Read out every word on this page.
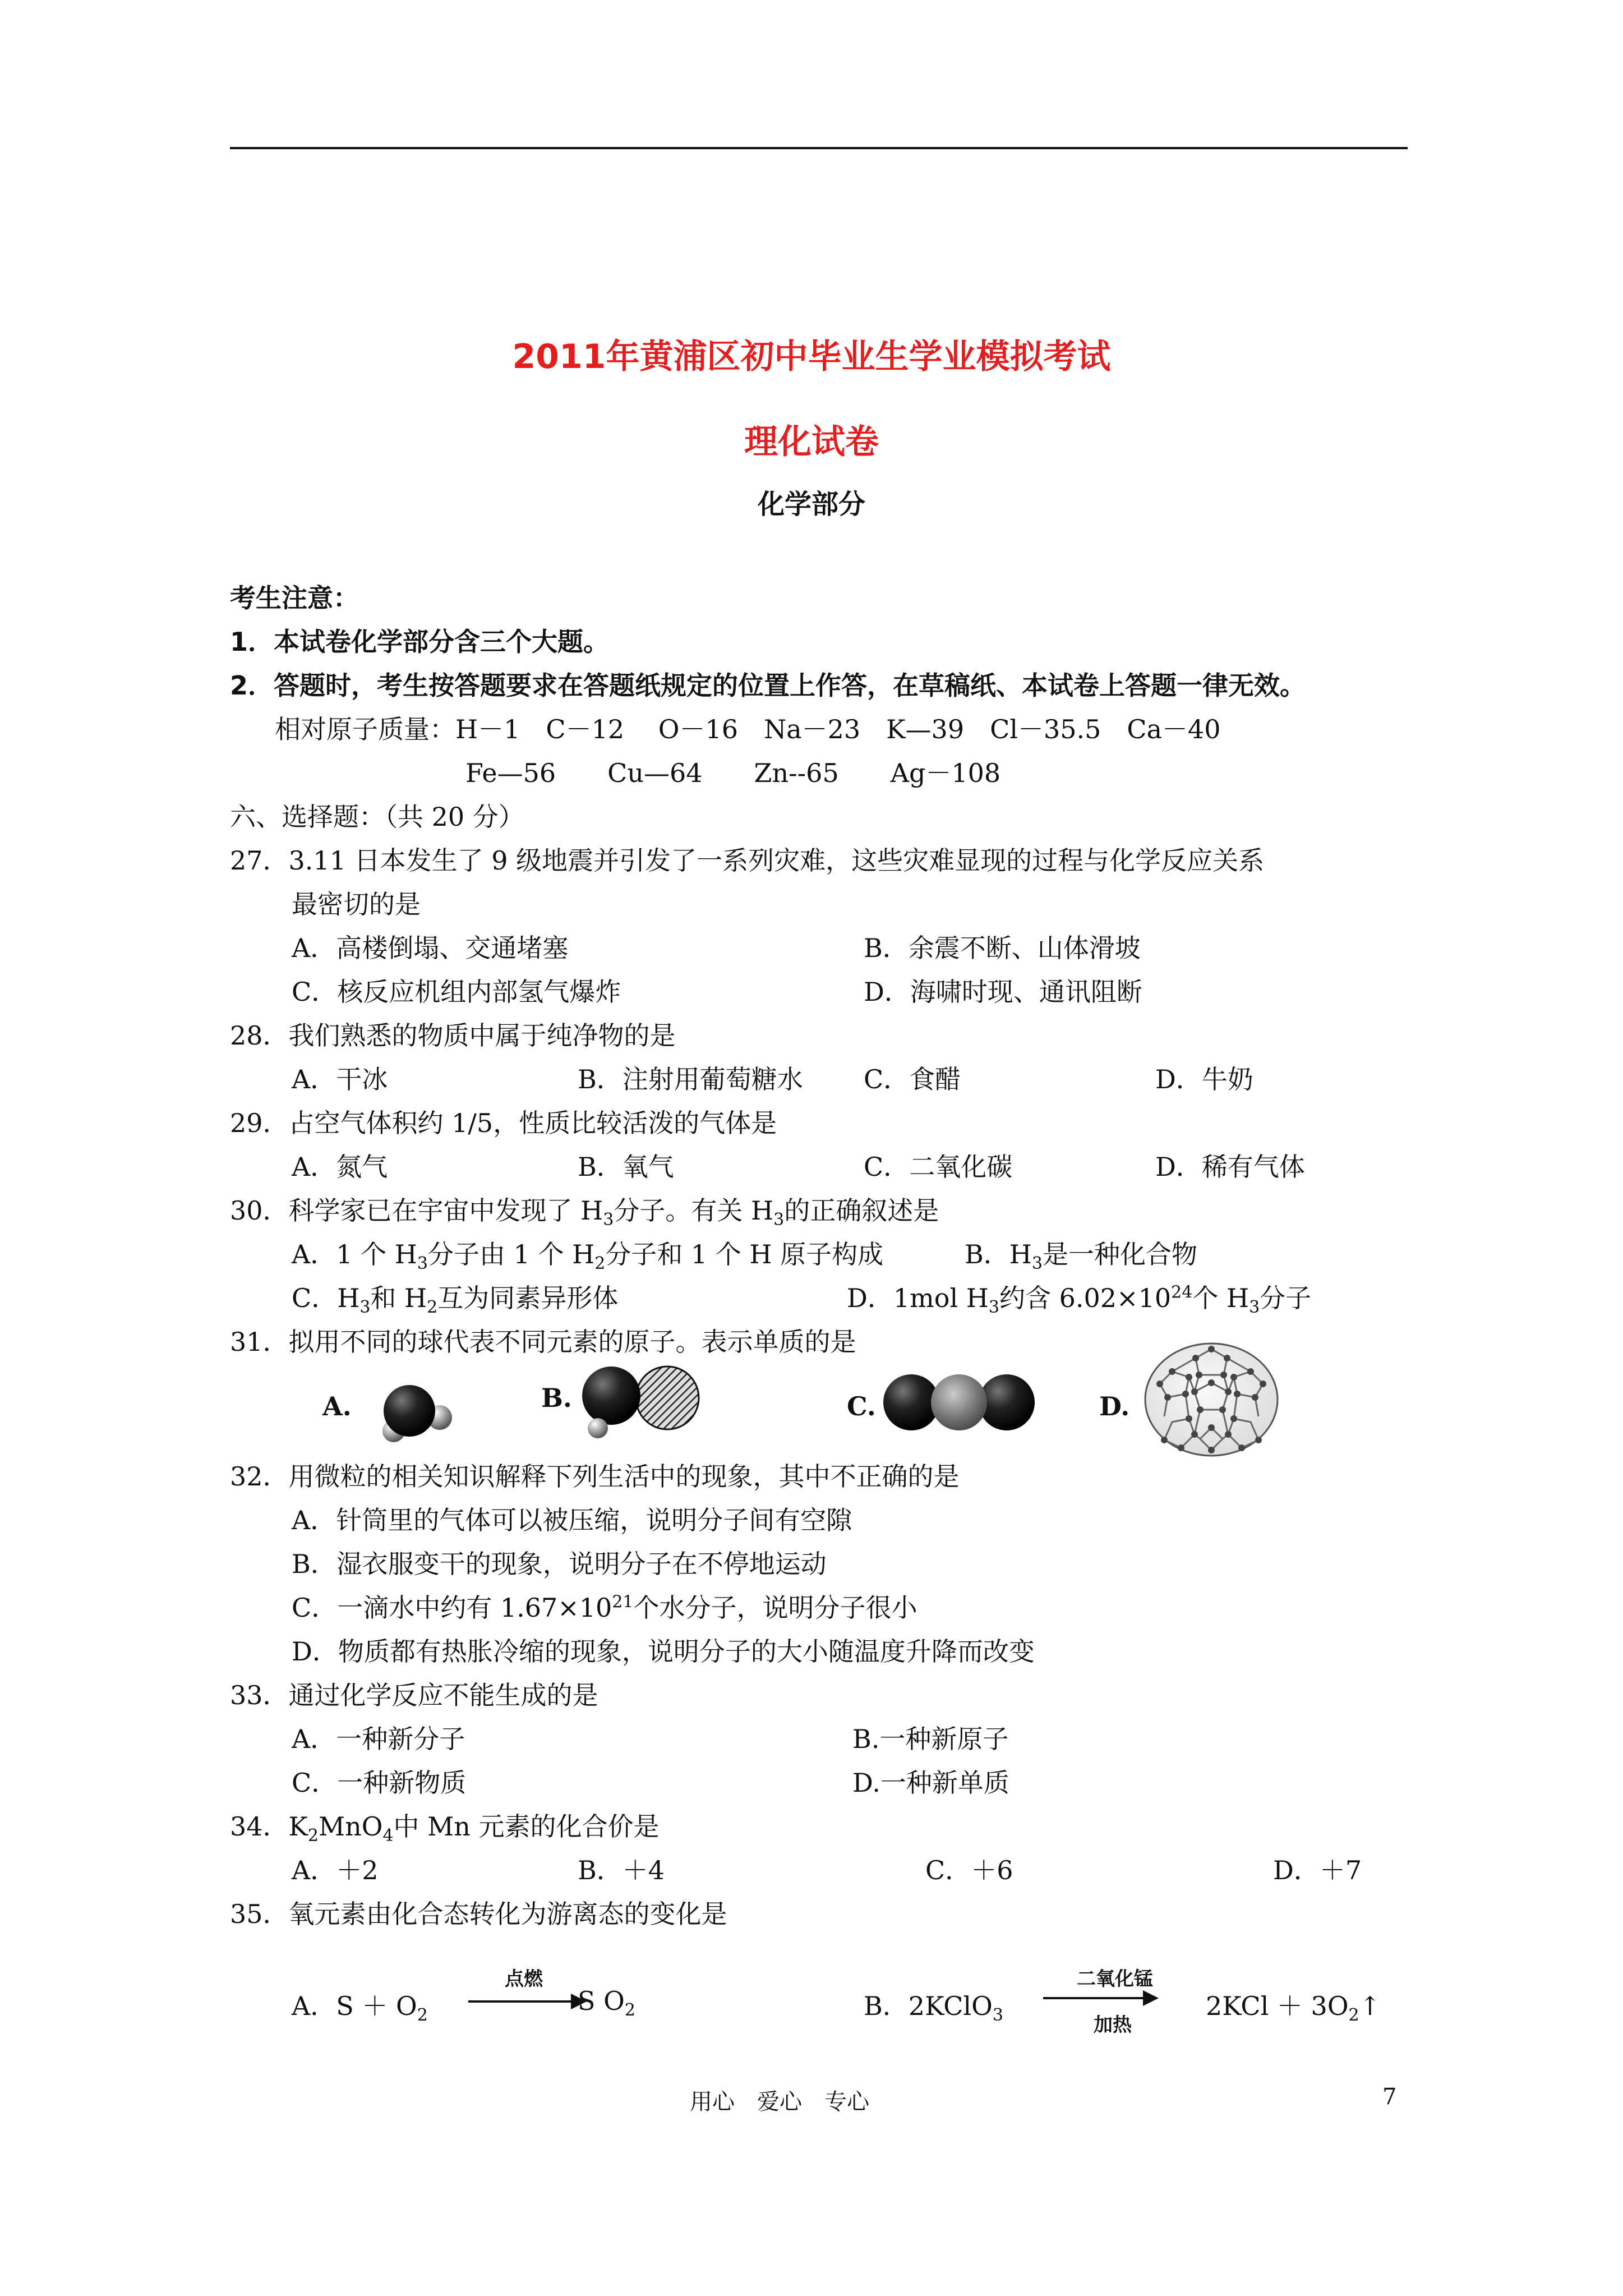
2011年黄浦区初中毕业生学业模拟考试
理化试卷
化学部分
考生注意：
1．本试卷化学部分含三个大题。
2．答题时，考生按答题要求在答题纸规定的位置上作答，在草稿纸、本试卷上答题一律无效。
相对原子质量：H－1　C－12　 O－16　Na－23　K—39　Cl－35.5　Ca－40
Fe—56　　Cu—64　　Zn--65　　Ag－108
六、选择题：（共 20 分）
27．3.11 日本发生了 9 级地震并引发了一系列灾难，这些灾难显现的过程与化学反应关系
最密切的是
A．高楼倒塌、交通堵塞	B．余震不断、山体滑坡
C．核反应机组内部氢气爆炸	D．海啸时现、通讯阻断
28．我们熟悉的物质中属于纯净物的是
A．干冰	B．注射用葡萄糖水 C．食醋	D．牛奶
29．占空气体积约 1/5，性质比较活泼的气体是
A．氮气	B．氧气	C．二氧化碳	D．稀有气体
30．科学家已在宇宙中发现了 $H_3$分子。有关 $H_3$的正确叙述是
A．1 个 $H_3$分子由 1 个 $H_2$分子和 1 个 H 原子构成	B．$H_3$是一种化合物
C．$H_3$和 $H_2$互为同素异形体	D．1mol $H_3$约含 $6.02\times 10^{24}$个 $H_3$分子
31．拟用不同的球代表不同元素的原子。表示单质的是
A.	B.	C.	D.
32．用微粒的相关知识解释下列生活中的现象，其中不正确的是
A．针筒里的气体可以被压缩，说明分子间有空隙
B．湿衣服变干的现象，说明分子在不停地运动
C．一滴水中约有 $1.67\times 10^{21}$个水分子，说明分子很小
D．物质都有热胀冷缩的现象，说明分子的大小随温度升降而改变
33．通过化学反应不能生成的是
A．一种新分子	B.一种新原子
C．一种新物质	D.一种新单质
34．$K_2MnO_4$中 Mn 元素的化合价是
A．＋2	B．＋4	C．＋6	D．＋7
35．氧元素由化合态转化为游离态的变化是
A．$S + O_2$
点燃
S $O_2$	B．2KClO$_3$
二氧化锰
加热
$2KCl + 3O_2↑$
用心　爱心　专心	7
